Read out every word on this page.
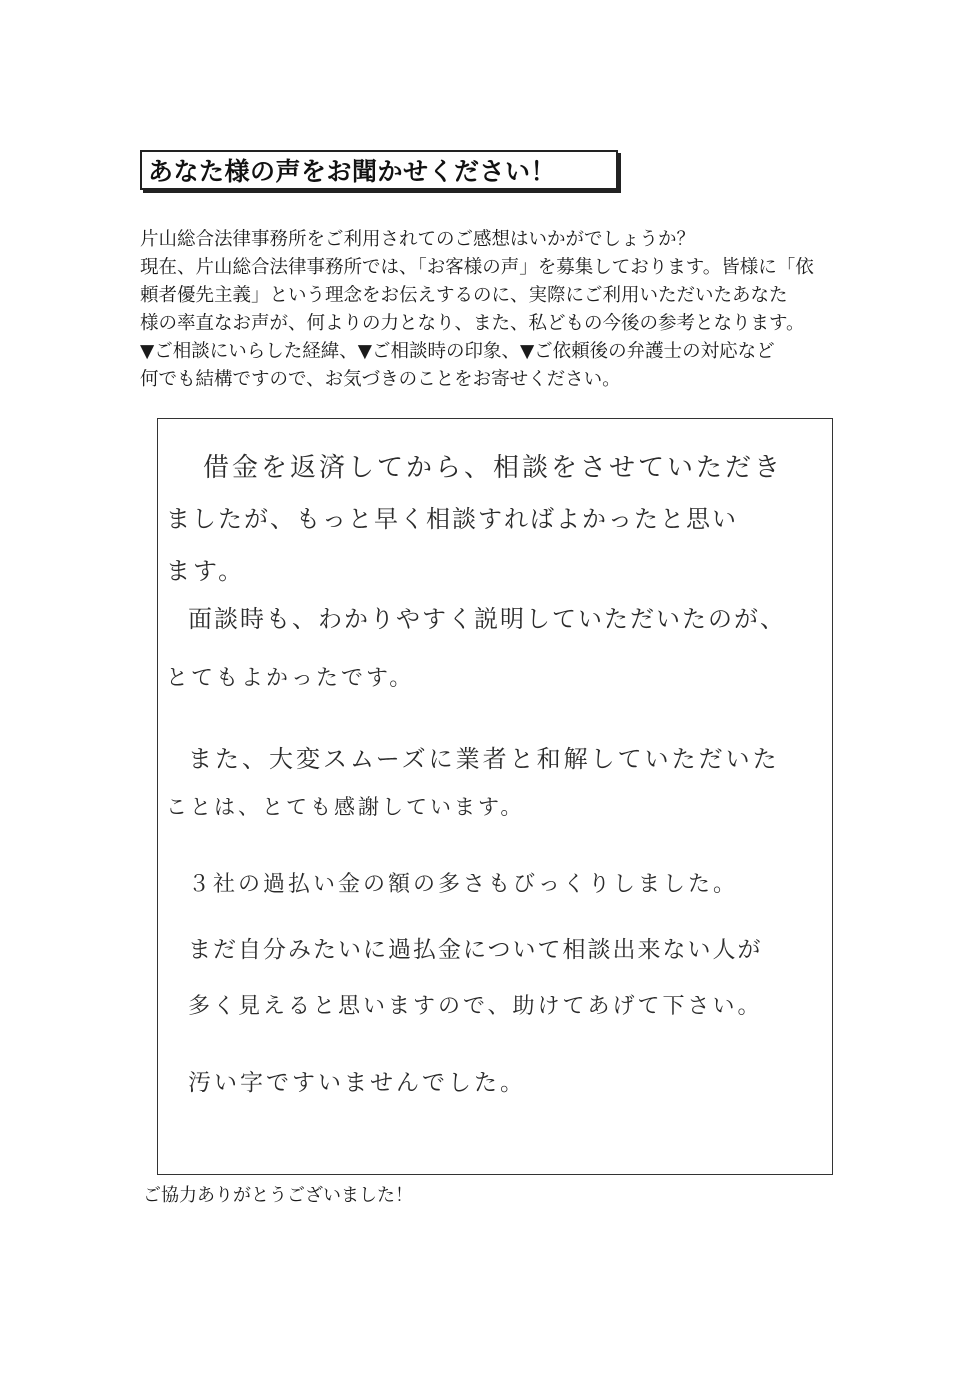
あなた様の声をお聞かせください！
片山総合法律事務所をご利用されてのご感想はいかがでしょうか？
現在、片山総合法律事務所では、「お客様の声」を募集しております。皆様に「依
頼者優先主義」という理念をお伝えするのに、実際にご利用いただいたあなた
様の率直なお声が、何よりの力となり、また、私どもの今後の参考となります。
▼ご相談にいらした経緯、▼ご相談時の印象、▼ご依頼後の弁護士の対応など
何でも結構ですので、お気づきのことをお寄せください。
借金を返済してから、相談をさせていただき
ましたが、もっと早く相談すればよかったと思い
ます。
面談時も、わかりやすく説明していただいたのが、
とてもよかったです。
また、大変スムーズに業者と和解していただいた
ことは、とても感謝しています。
３社の過払い金の額の多さもびっくりしました。
まだ自分みたいに過払金について相談出来ない人が
多く見えると思いますので、助けてあげて下さい。
汚い字ですいませんでした。
ご協力ありがとうございました！
